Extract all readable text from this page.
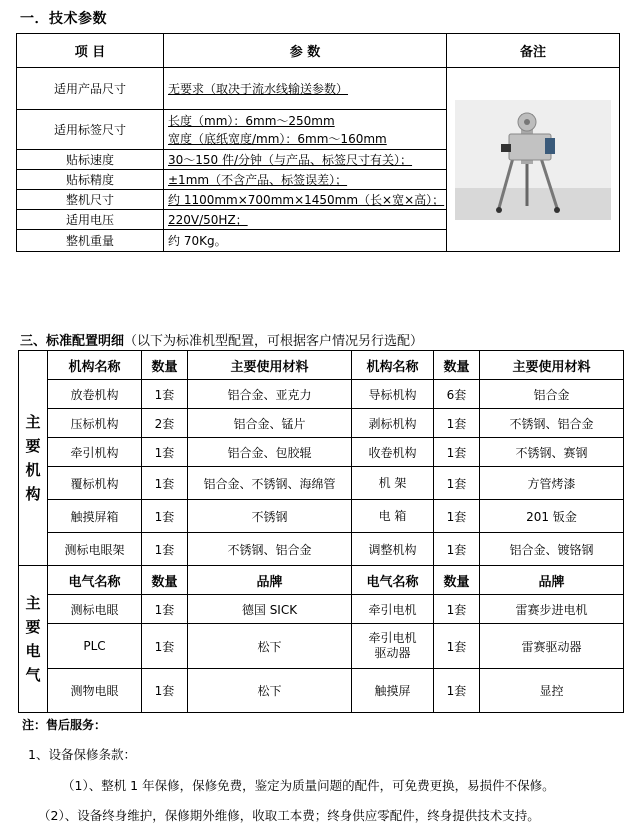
一．技术参数
项 目	参 数	备注
适用产品尺寸	无要求（取决于流水线输送参数）	

适用标签尺寸	长度（mm）：6mm～250mm
宽度（底纸宽度/mm）：6mm～160mm	

贴标速度	30～150 件/分钟（与产品、标签尺寸有关）；	
贴标精度	±1mm（不含产品、标签误差）；	
整机尺寸	约 1100mm×700mm×1450mm（长×宽×高）；	
适用电压	220V/50HZ；	
整机重量	约 70Kg。	
三、标准配置明细（以下为标准机型配置，可根据客户情况另行选配）
主
要
机
构	机构名称	数量	主要使用材料	机构名称	数量	主要使用材料
	放卷机构	1套	铝合金、亚克力	导标机构	6套	铝合金
	压标机构	2套	铝合金、锰片	剥标机构	1套	不锈钢、铝合金
	牵引机构	1套	铝合金、包胶辊	收卷机构	1套	不锈钢、赛钢
	覆标机构	1套	铝合金、不锈钢、海绵管	机 架	1套	方管烤漆
	触摸屏箱	1套	不锈钢	电 箱	1套	201 钣金
	测标电眼架	1套	不锈钢、铝合金	调整机构	1套	铝合金、镀铬钢

主
要
电
气	电气名称	数量	品牌	电气名称	数量	品牌
	测标电眼	1套	德国 SICK	牵引电机	1套	雷赛步进电机
	PLC	1套	松下	牵引电机驱动器	1套	雷赛驱动器
	测物电眼	1套	松下	触摸屏	1套	显控
注：售后服务：
1、设备保修条款：
（1）、整机 1 年保修，保修免费，鉴定为质量问题的配件，可免费更换，易损件不保修。
（2）、设备终身维护，保修期外维修，收取工本费；终身供应零配件，终身提供技术支持。
